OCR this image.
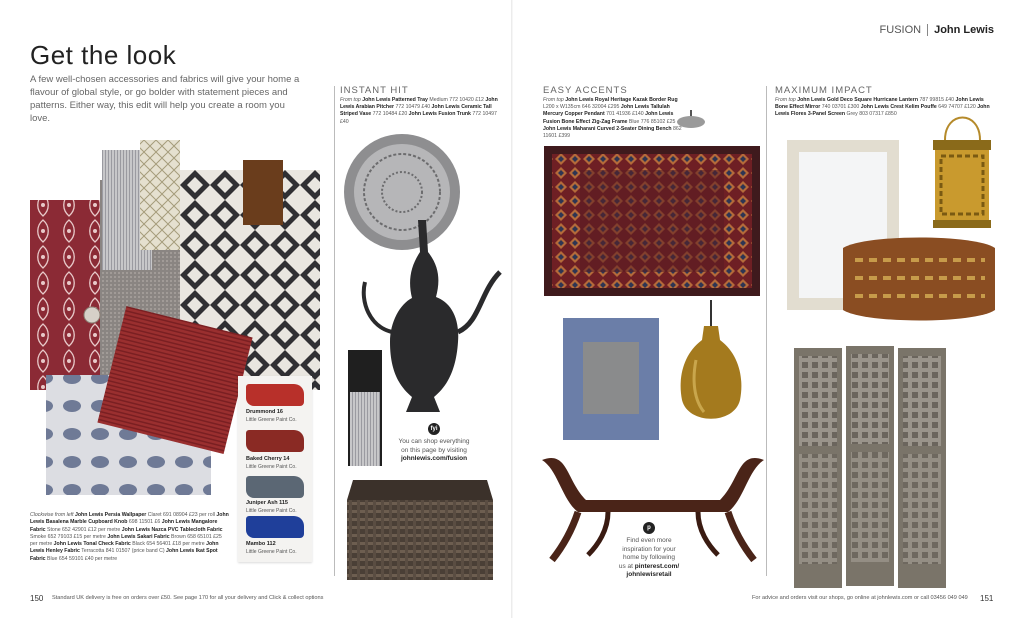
FUSION John Lewis
Get the look
A few well-chosen accessories and fabrics will give your home a flavour of global style, or go bolder with statement pieces and patterns. Either way, this edit will help you create a room you love.
Drummond 16
Little Greene Paint Co.
Baked Cherry 14
Little Greene Paint Co.
Juniper Ash 115
Little Greene Paint Co.
Mambo 112
Little Greene Paint Co.
Clockwise from left John Lewis Persia Wallpaper Claret 691 08904 £23 per roll John Lewis Basalena Marble Cupboard Knob 698 11501 £6 John Lewis Mangalore Fabric Stone 652 42901 £12 per metre John Lewis Nazca PVC Tablecloth Fabric Smoke 652 79103 £15 per metre John Lewis Sakari Fabric Brown 658 65101 £25 per metre John Lewis Tonal Check Fabric Black 654 56401 £18 per metre John Lewis Henley Fabric Terracotta 841 01507 (price band C) John Lewis Ikat Spot Fabric Blue 654 59101 £40 per metre
INSTANT HIT
From top John Lewis Patterned Tray Medium 772 10420 £12 John Lewis Arabian Pitcher 772 10479 £40 John Lewis Ceramic Tall Striped Vase 772 10484 £20 John Lewis Fusion Trunk 772 10497 £40
fyi
You can shop everything
on this page by visiting
johnlewis.com/fusion
EASY ACCENTS
From top John Lewis Royal Heritage Kazak Border Rug L200 x W135cm 646 32004 £295 John Lewis Tallulah Mercury Copper Pendant 701 41936 £140 John Lewis Fusion Bone Effect Zig-Zag Frame Blue 776 85102 £25 John Lewis Maharani Curved 2-Seater Dining Bench 862 11601 £399
p
Find even more
inspiration for your
home by following
us at pinterest.com/
johnlewisretail
MAXIMUM IMPACT
From top John Lewis Gold Deco Square Hurricane Lantern 787 99815 £40 John Lewis Bone Effect Mirror 740 03701 £300 John Lewis Crest Kelim Pouffe 649 74707 £120 John Lewis Flores 3-Panel Screen Grey 803 07317 £850
150 Standard UK delivery is free on orders over £50. See page 170 for all your delivery and Click & collect options	For advice and orders visit our shops, go online at johnlewis.com or call 03456 049 049 151
